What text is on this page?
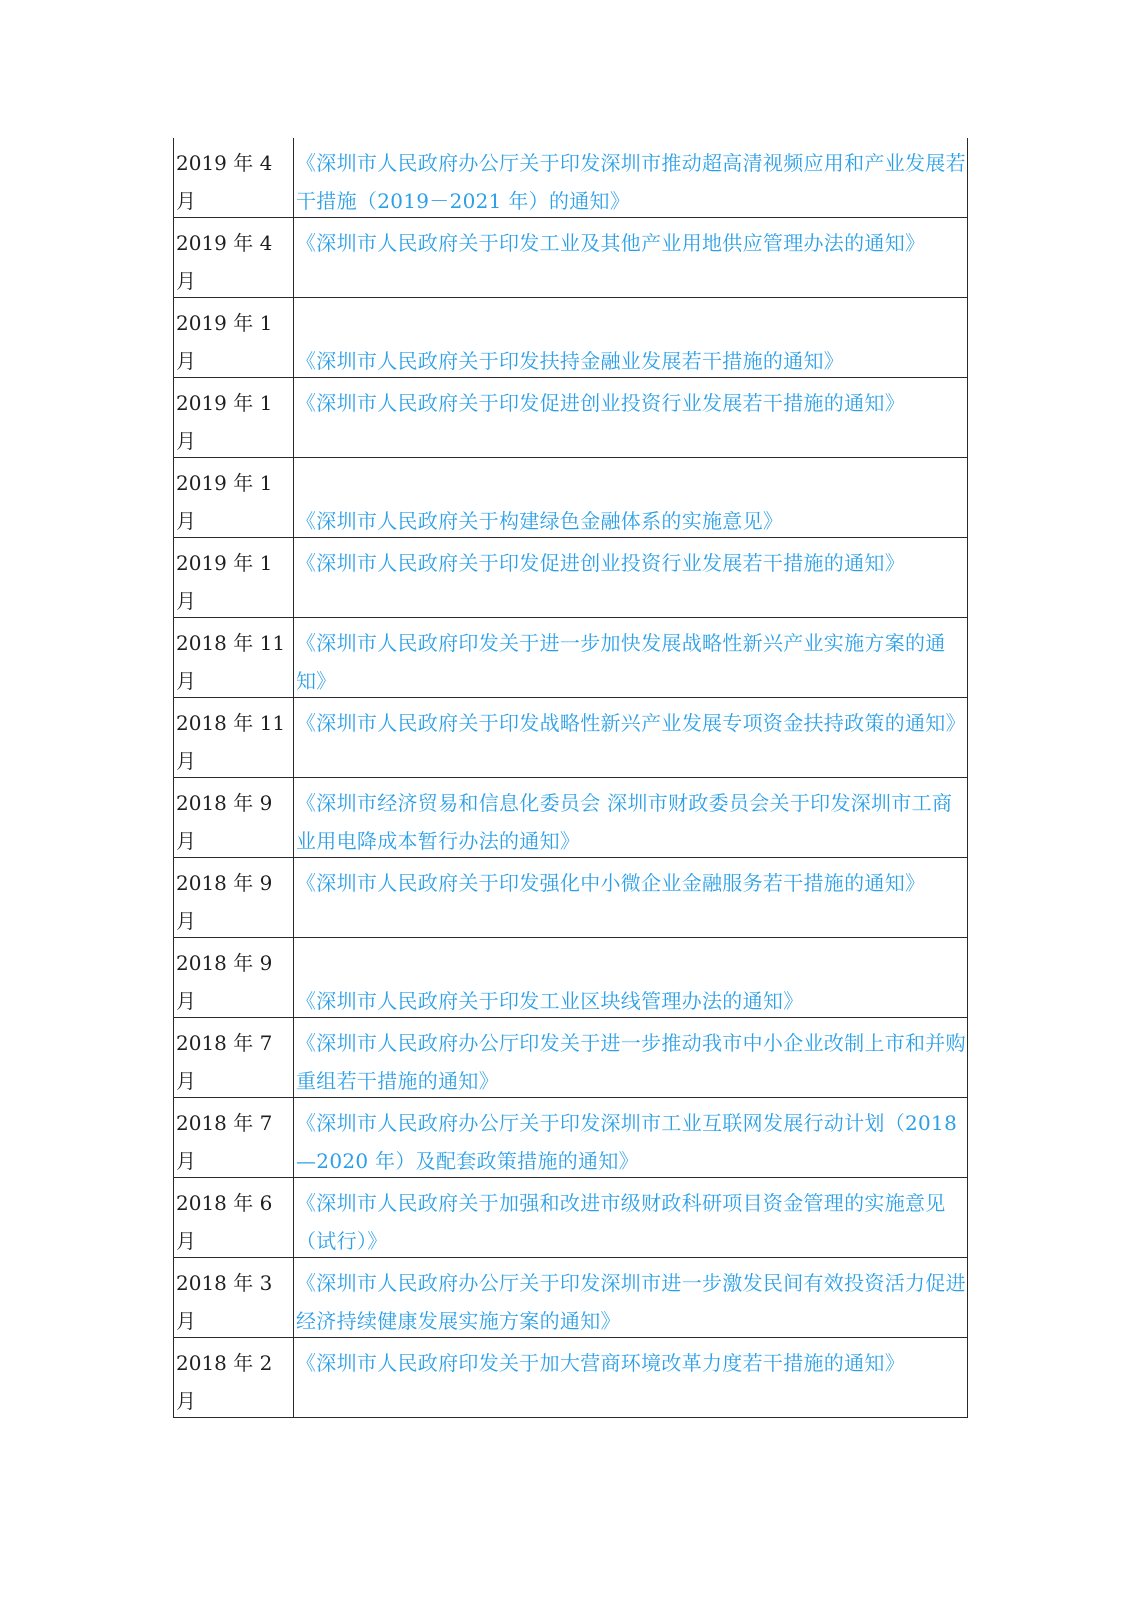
2019 年 4
月	《深圳市人民政府办公厅关于印发深圳市推动超高清视频应用和产业发展若干措施（2019－2021 年）的通知》

2019 年 4
月	《深圳市人民政府关于印发工业及其他产业用地供应管理办法的通知》

2019 年 1
月	《深圳市人民政府关于印发扶持金融业发展若干措施的通知》

2019 年 1
月	《深圳市人民政府关于印发促进创业投资行业发展若干措施的通知》

2019 年 1
月	《深圳市人民政府关于构建绿色金融体系的实施意见》

2019 年 1
月	《深圳市人民政府关于印发促进创业投资行业发展若干措施的通知》

2018 年 11
月	《深圳市人民政府印发关于进一步加快发展战略性新兴产业实施方案的通知》

2018 年 11
月	《深圳市人民政府关于印发战略性新兴产业发展专项资金扶持政策的通知》

2018 年 9
月	《深圳市经济贸易和信息化委员会 深圳市财政委员会关于印发深圳市工商业用电降成本暂行办法的通知》

2018 年 9
月	《深圳市人民政府关于印发强化中小微企业金融服务若干措施的通知》

2018 年 9
月	《深圳市人民政府关于印发工业区块线管理办法的通知》

2018 年 7
月	《深圳市人民政府办公厅印发关于进一步推动我市中小企业改制上市和并购重组若干措施的通知》

2018 年 7
月	《深圳市人民政府办公厅关于印发深圳市工业互联网发展行动计划（2018—2020 年）及配套政策措施的通知》

2018 年 6
月	《深圳市人民政府关于加强和改进市级财政科研项目资金管理的实施意见（试行）》

2018 年 3
月	《深圳市人民政府办公厅关于印发深圳市进一步激发民间有效投资活力促进经济持续健康发展实施方案的通知》

2018 年 2
月	《深圳市人民政府印发关于加大营商环境改革力度若干措施的通知》
